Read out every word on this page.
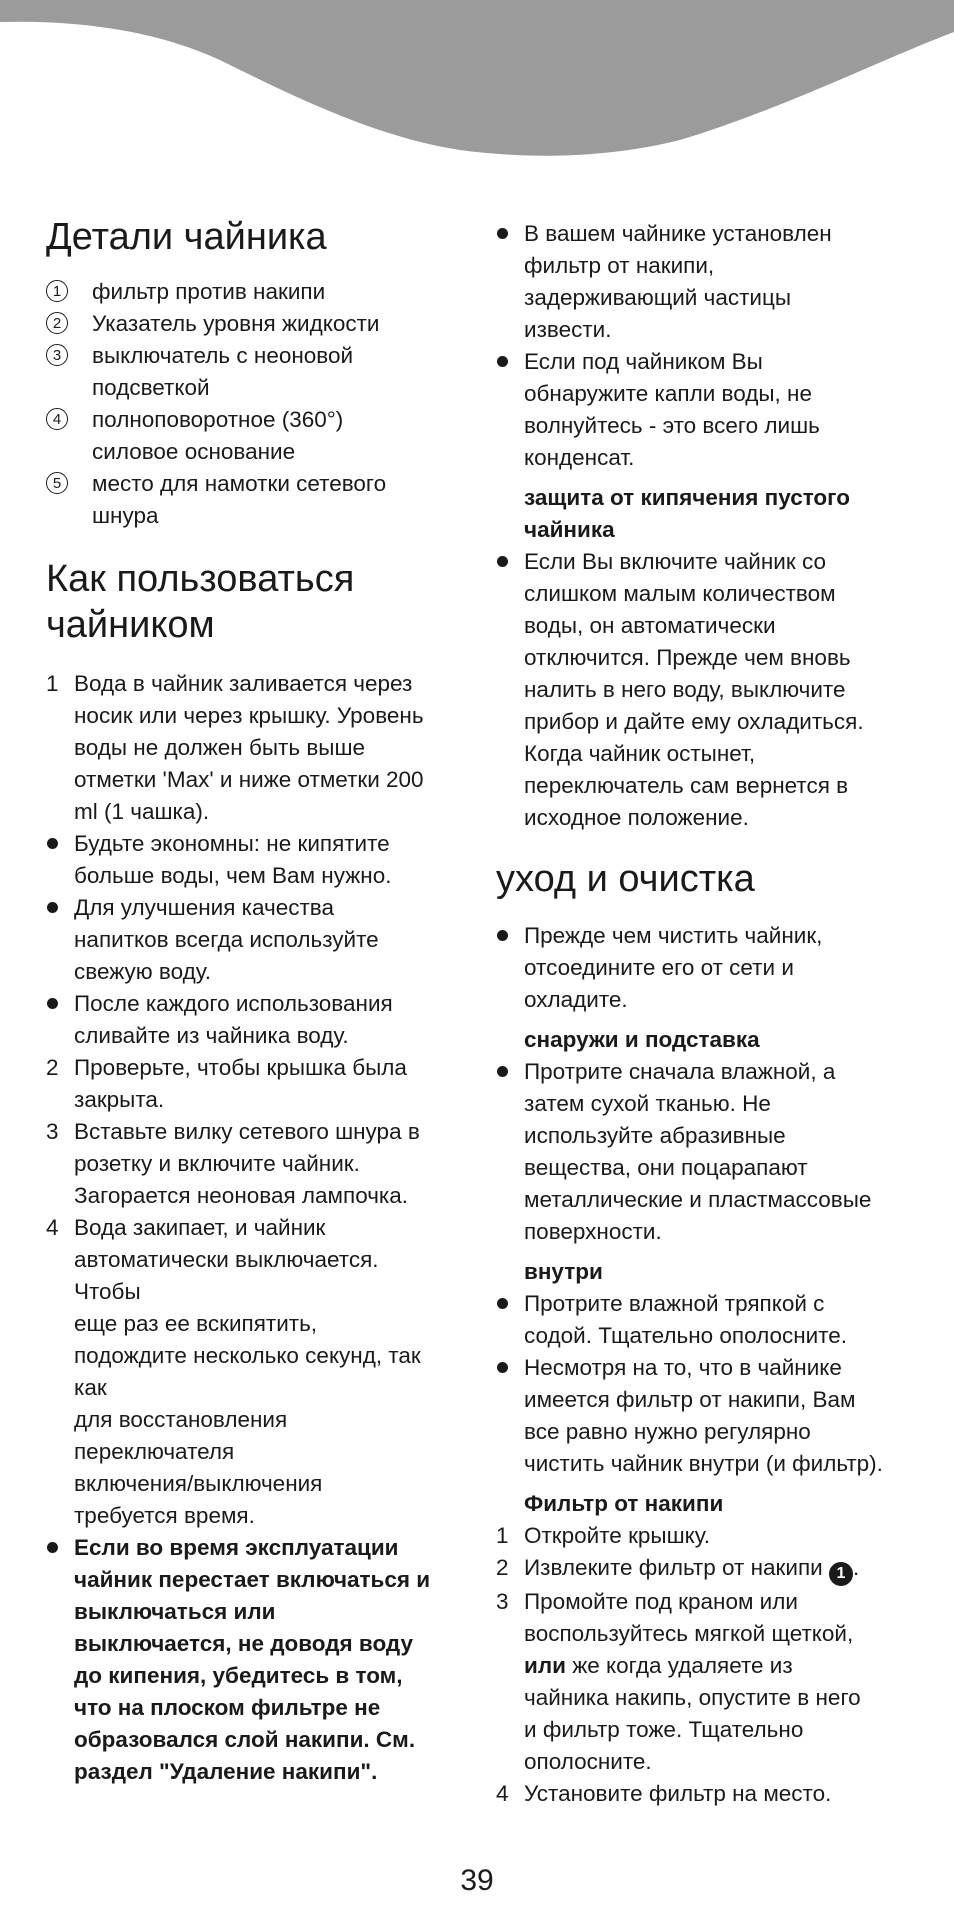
Детали чайника
1	фильтр против накипи
2	Указатель уровня жидкости
3	выключатель с неоновой
подсветкой
4	полноповоротное (360°)
силовое основание
5	место для намотки сетевого
шнура
Как пользоваться
чайником
1 Вода в чайник заливается через
носик или через крышку. Уровень
воды не должен быть выше
отметки 'Max' и ниже отметки 200
ml (1 чашка).
Будьте экономны: не кипятите
больше воды, чем Вам нужно.
Для улучшения качества
напитков всегда используйте
свежую воду.
После каждого использования
сливайте из чайника воду.
2 Проверьте, чтобы крышка была
закрыта.
3 Вставьте вилку сетевого шнура в
розетку и включите чайник.
Загорается неоновая лампочка.
4 Вода закипает, и чайник
автоматически выключается.
Чтобы
еще раз ее вскипятить,
подождите несколько секунд, так
как
для восстановления
переключателя
включения/выключения
требуется время.
Если во время эксплуатации
чайник перестает включаться и
выключаться или
выключается, не доводя воду
до кипения, убедитесь в том,
что на плоском фильтре не
образовался слой накипи. См.
раздел "Удаление накипи".
В вашем чайнике установлен
фильтр от накипи,
задерживающий частицы
извести.
Если под чайником Вы
обнаружите капли воды, не
волнуйтесь - это всего лишь
конденсат.
защита от кипячения пустого
чайника
Если Вы включите чайник со
слишком малым количеством
воды, он автоматически
отключится. Прежде чем вновь
налить в него воду, выключите
прибор и дайте ему охладиться.
Когда чайник остынет,
переключатель сам вернется в
исходное положение.
уход и очистка
Прежде чем чистить чайник,
отсоедините его от сети и
охладите.
снаружи и подставка
Протрите сначала влажной, а
затем сухой тканью. Не
используйте абразивные
вещества, они поцарапают
металлические и пластмассовые
поверхности.
внутри
Протрите влажной тряпкой с
содой. Тщательно ополосните.
Несмотря на то, что в чайнике
имеется фильтр от накипи, Вам
все равно нужно регулярно
чистить чайник внутри (и фильтр).
Фильтр от накипи
1 Откройте крышку.
2 Извлеките фильтр от накипи 1 .
3 Промойте под краном или
воспользуйтесь мягкой щеткой,
или же когда удаляете из
чайника накипь, опустите в него
и фильтр тоже. Тщательно
ополосните.
4 Установите фильтр на место.
39
